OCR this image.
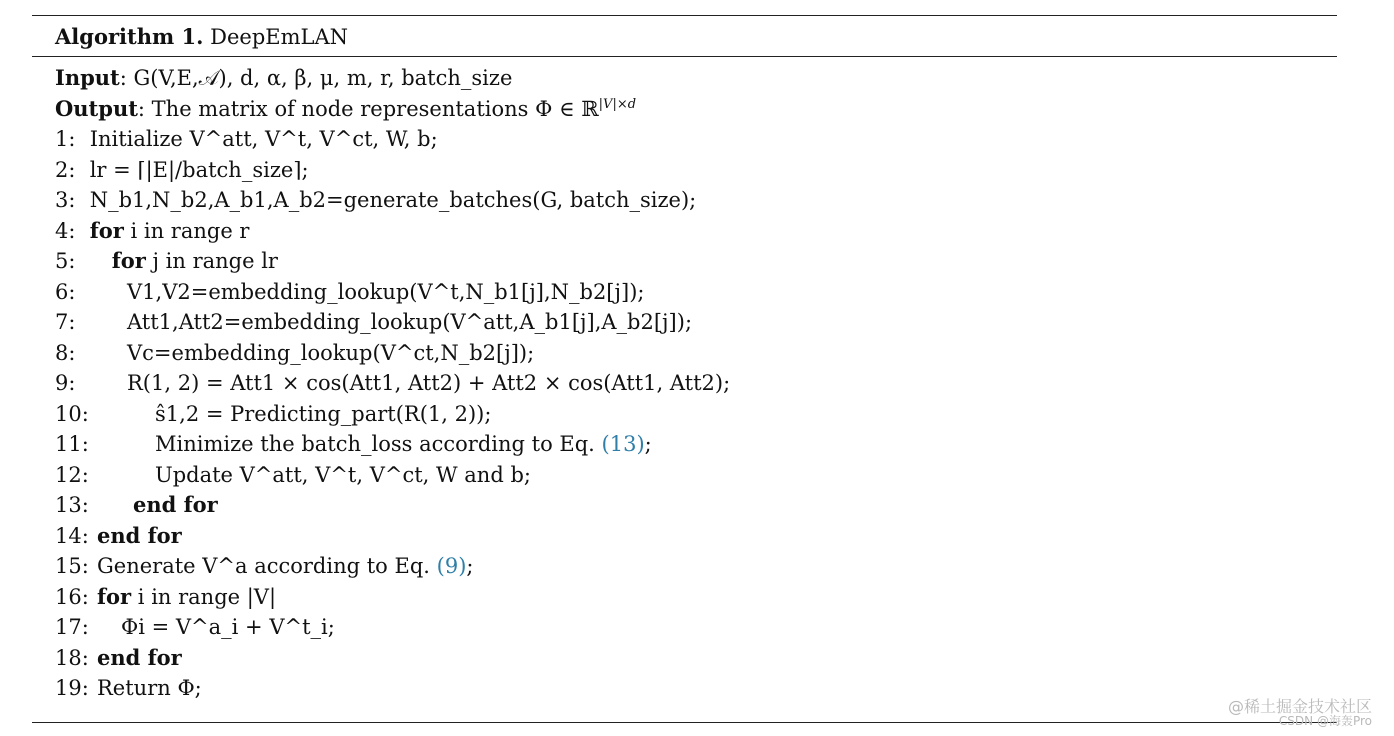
Algorithm 1. DeepEmLAN
Input: G(V,E,𝒜), d, α, β, μ, m, r, batch_size
Output: The matrix of node representations Φ ∈ ℝ$^{|V|\times d}$
1: Initialize V^att, V^t, V^ct, W, b;
2: lr = ⌈|E|/batch_size⌉;
3: N_b1,N_b2,A_b1,A_b2=generate_batches(G, batch_size);
4: for i in range r
5: for j in range lr
6: V1,V2=embedding_lookup(V^t,N_b1[j],N_b2[j]);
7: Att1,Att2=embedding_lookup(V^att,A_b1[j],A_b2[j]);
8: Vc=embedding_lookup(V^ct,N_b2[j]);
9: R(1, 2) = Att1 × cos(Att1, Att2) + Att2 × cos(Att1, Att2);
10:	ŝ1,2 = Predicting_part(R(1, 2));
11:	Minimize the batch_loss according to Eq. (13);
12:	Update V^att, V^t, V^ct, W and b;
13: end for
14: end for
15: Generate V^a according to Eq. (9);
16: for i in range |V|
17: Φi = V^a_i + V^t_i;
18: end for
19: Return Φ;
@稀土掘金技术社区
CSDN @海轰Pro
